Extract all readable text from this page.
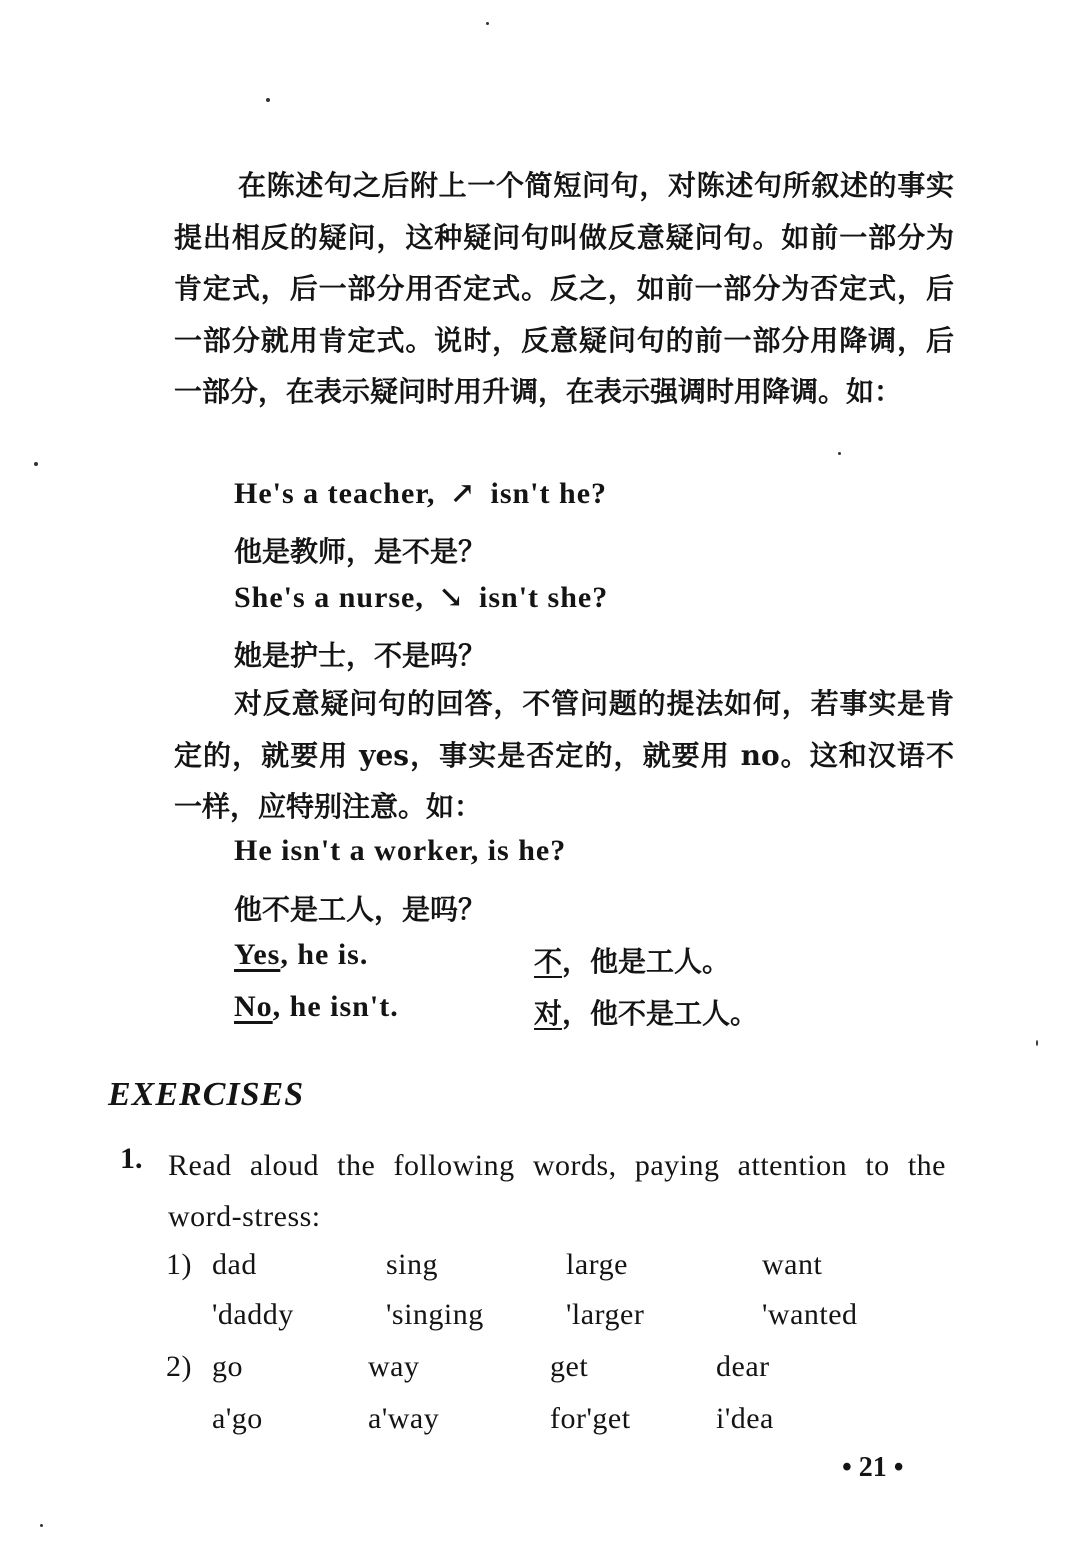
在陈述句之后附上一个简短问句，对陈述句所叙述的事实提出相反的疑问，这种疑问句叫做反意疑问句。如前一部分为肯定式，后一部分用否定式。反之，如前一部分为否定式，后一部分就用肯定式。说时，反意疑问句的前一部分用降调，后一部分，在表示疑问时用升调，在表示强调时用降调。如：

He's a teacher, ↗ isn't he?
他是教师，是不是？
She's a nurse, ↘ isn't she?
她是护士，不是吗？

对反意疑问句的回答，不管问题的提法如何，若事实是肯定的，就要用 yes，事实是否定的，就要用 no。这和汉语不一样，应特别注意。如：

He isn't a worker, is he?
他不是工人，是吗？
Yes, he is.	不，他是工人。
No, he isn't.	对，他不是工人。
EXERCISES
1. Read aloud the following words, paying attention to the word-stress:

1) dad	sing	large	want
'daddy	'singing	'larger	'wanted
2) go	way	get	dear
a'go	a'way	for'get	i'dea
• 21 •
